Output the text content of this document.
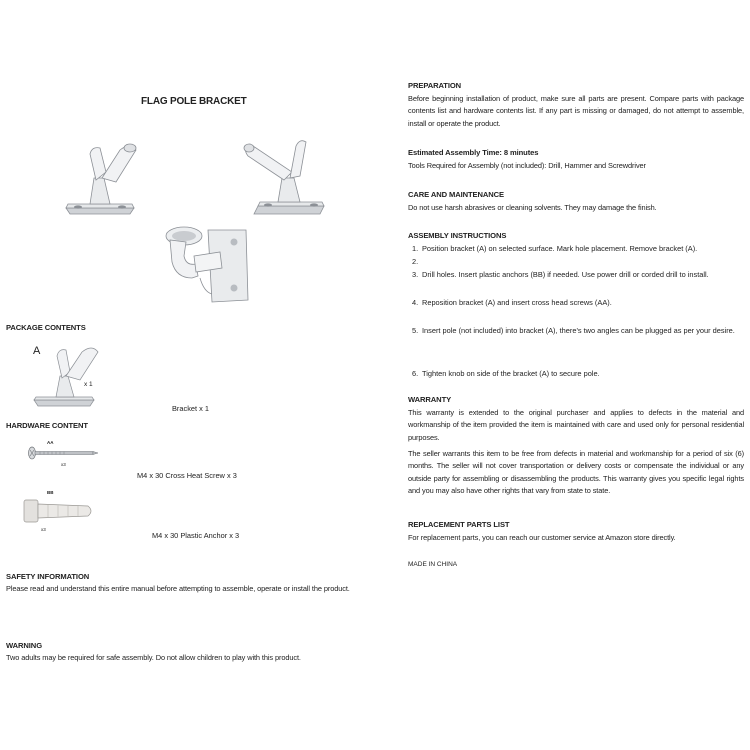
FLAG POLE BRACKET
PACKAGE CONTENTS
A
x 1
Bracket x 1
HARDWARE CONTENT
AA
x3
M4 x 30 Cross Heat Screw x 3
BB
x3
M4 x 30 Plastic Anchor x 3
SAFETY INFORMATION
Please read and understand this entire manual before attempting to assemble, operate or install the product.
WARNING
Two adults may be required for safe assembly. Do not allow children to play with this product.
PREPARATION
Before beginning installation of product, make sure all parts are present. Compare parts with package contents list and hardware contents list. If any part is missing or damaged, do not attempt to assemble, install or operate the product.
Estimated Assembly Time: 8 minutes
Tools Required for Assembly (not included): Drill, Hammer and Screwdriver
CARE AND MAINTENANCE
Do not use harsh abrasives or cleaning solvents. They may damage the finish.
ASSEMBLY INSTRUCTIONS
1. Position bracket (A) on selected surface. Mark hole placement. Remove bracket (A).
2.
3. Drill holes. Insert plastic anchors (BB) if needed. Use power drill or corded drill to install.
4. Reposition bracket (A) and insert cross head screws (AA).
5. Insert pole (not included) into bracket (A), there's two angles can be plugged as per your desire.
6. Tighten knob on side of the bracket (A) to secure pole.
WARRANTY
This warranty is extended to the original purchaser and applies to defects in the material and workmanship of the item provided the item is maintained with care and used only for personal residential purposes.
The seller warrants this item to be free from defects in material and workmanship for a period of six (6) months. The seller will not cover transportation or delivery costs or compensate the individual or any outside party for assembling or disassembling the products. This warranty gives you specific legal rights and you may also have other rights that vary from state to state.
REPLACEMENT PARTS LIST
For replacement parts, you can reach our customer service at Amazon store directly.
MADE IN CHINA
